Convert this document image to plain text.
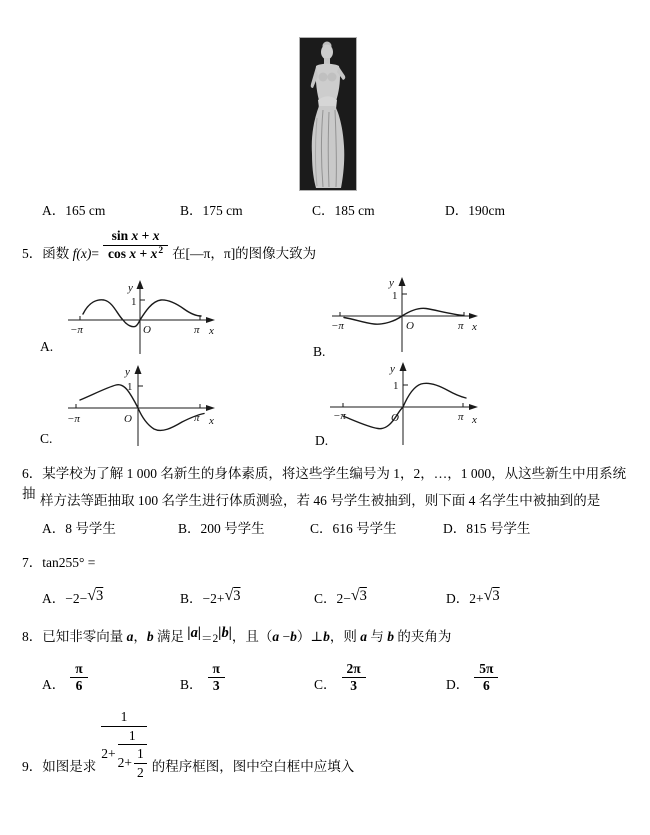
A．165 cm	B．175 cm	C．185 cm	D．190cm
5．函数 $f(x)= \frac{\text{sin x + x}}{\cos x + x^2}$ 在[—π，π]的图像大致为
y
1
−π	O	π x
A.
y
1
−π	O	π x
B.
y
1
−π	O	π x
C.
y
1
−π	O	π x
D.
6．某学校为了解 1 000 名新生的身体素质，将这些学生编号为 1，2，…，1 000，从这些新生中用系统抽 样方法等距抽取 100 名学生进行体质测验，若 46 号学生被抽到，则下面 4 名学生中被抽到的是
A．8 号学生	B．200 号学生	C．616 号学生	D．815 号学生
7．tan255° =
A．−2−√3	B．−2+√3	C．2−√3	D．2+√3
8．已知非零向量 a，b 满足 |a|＝2|b|，且（a −b）⊥b，则 a 与 b 的夹角为
A． $\frac{\pi}{6}$	B． $\frac{\pi}{3}$	C． $\frac{2\pi}{3}$	D． $\frac{5\pi}{6}$
9．如图是求
1
$2+ \frac{1}{2+ \frac{1}{2}}$ 的程序框图，图中空白框中应填入
